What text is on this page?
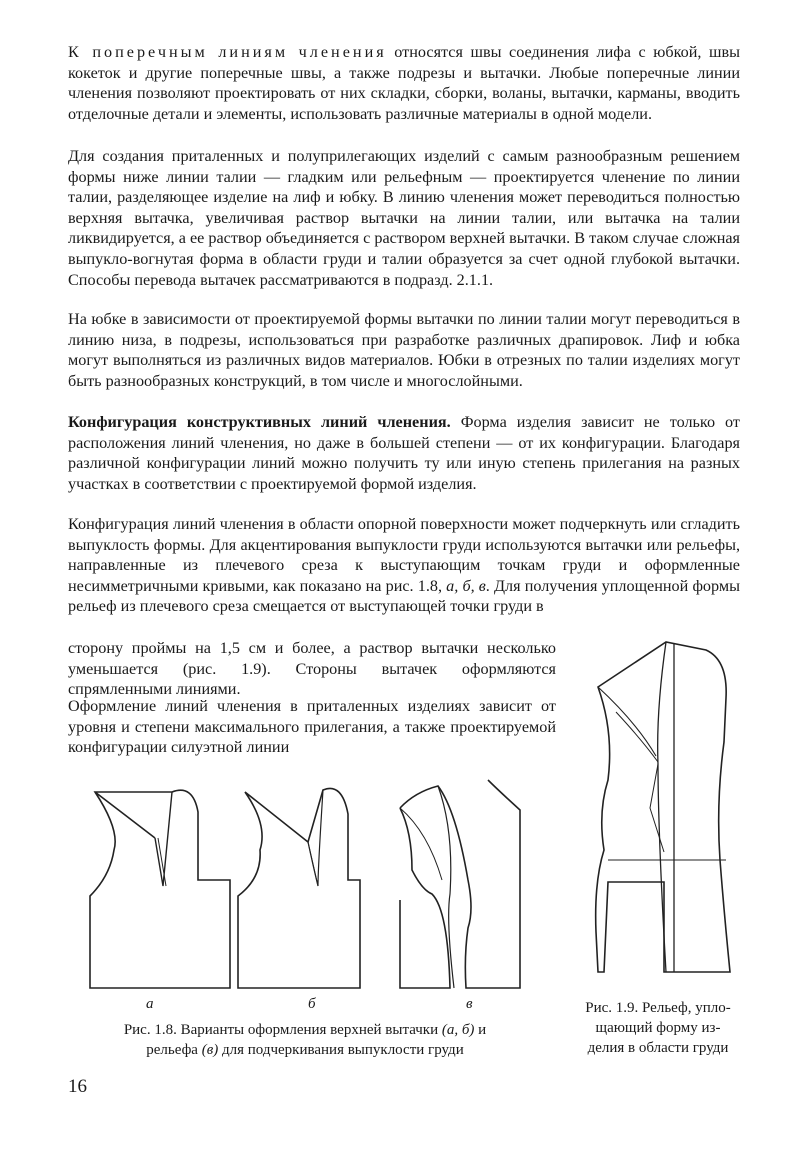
К поперечным линиям членения относятся швы соединения лифа с юбкой, швы кокеток и другие поперечные швы, а также подрезы и вытачки. Любые поперечные линии членения позволяют проектировать от них складки, сборки, воланы, вытачки, карманы, вводить отделочные детали и элементы, использовать различные материалы в одной модели.

Для создания приталенных и полуприлегающих изделий с самым разнообразным решением формы ниже линии талии — гладким или рельефным — проектируется членение по линии талии, разделяющее изделие на лиф и юбку. В линию членения может переводиться полностью верхняя вытачка, увеличивая раствор вытачки на линии талии, или вытачка на талии ликвидируется, а ее раствор объединяется с раствором верхней вытачки. В таком случае сложная выпукло-вогнутая форма в области груди и талии образуется за счет одной глубокой вытачки. Способы перевода вытачек рассматриваются в подразд. 2.1.1.

На юбке в зависимости от проектируемой формы вытачки по линии талии могут переводиться в линию низа, в подрезы, использоваться при разработке различных драпировок. Лиф и юбка могут выполняться из различных видов материалов. Юбки в отрезных по талии изделиях могут быть разнообразных конструкций, в том числе и многослойными.

Конфигурация конструктивных линий членения. Форма изделия зависит не только от расположения линий членения, но даже в большей степени — от их конфигурации. Благодаря различной конфигурации линий можно получить ту или иную степень прилегания на разных участках в соответствии с проектируемой формой изделия.

Конфигурация линий членения в области опорной поверхности может подчеркнуть или сгладить выпуклость формы. Для акцентирования выпуклости груди используются вытачки или рельефы, направленные из плечевого среза к выступающим точкам груди и оформленные несимметричными кривыми, как показано на рис. 1.8, а, б, в. Для получения уплощенной формы рельеф из плечевого среза смещается от выступающей точки груди в

сторону проймы на 1,5 см и более, а раствор вытачки несколько уменьшается (рис. 1.9). Стороны вытачек оформляются спрямленными линиями.

Оформление линий членения в приталенных изделиях зависит от уровня и степени максимального прилегания, а также проектируемой конфигурации силуэтной линии

а	б	в

Рис. 1.8. Варианты оформления верхней вытачки (а, б) и
рельефа (в) для подчеркивания выпуклости груди

Рис. 1.9. Рельеф, упло-
щающий форму из-
делия в области груди

16
